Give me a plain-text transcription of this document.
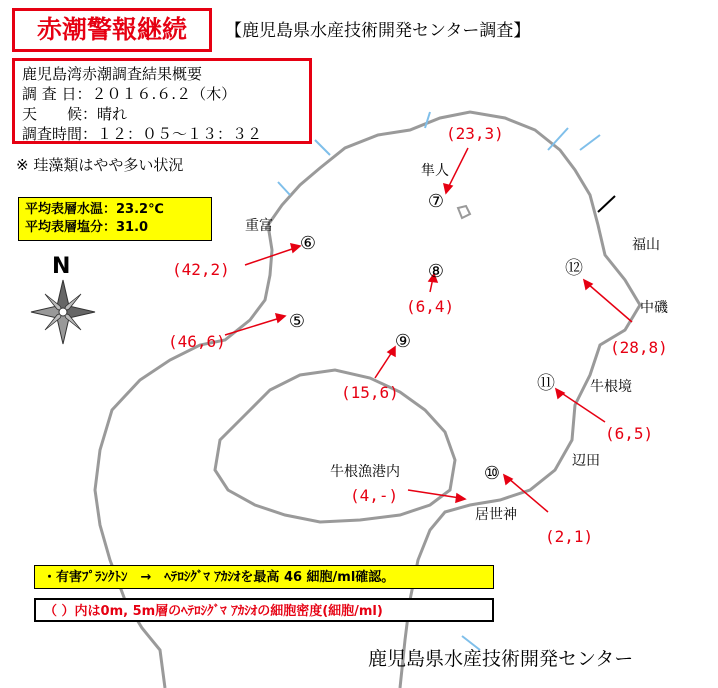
赤潮警報継続	【鹿児島県水産技術開発センター調査】
鹿児島湾赤潮調査結果概要
調 査 日：２０１６.６.２（木）
天　　候：晴れ
調査時間：１２：０５〜１３：３２
※ 珪藻類はやや多い状況
平均表層水温：23.2℃
平均表層塩分：31.0
N
隼人
重富
福山
中磯
牛根境
辺田
牛根漁港内
居世神
⑦
⑥
⑧	⑫
⑤
⑨
⑪
⑩
(23,3)
(42,2)
(6,4)
(28,8)
(46,6)
(15,6)
(6,5)
(4,-)
(2,1)
・有害ﾌﾟﾗﾝｸﾄﾝ　→　ﾍﾃﾛｼｸﾞﾏ ｱｶｼｵを最高 46 細胞/ml確認。
（ ）内は0m, 5m層のﾍﾃﾛｼｸﾞﾏ ｱｶｼｵの細胞密度(細胞/ml)
鹿児島県水産技術開発センター
